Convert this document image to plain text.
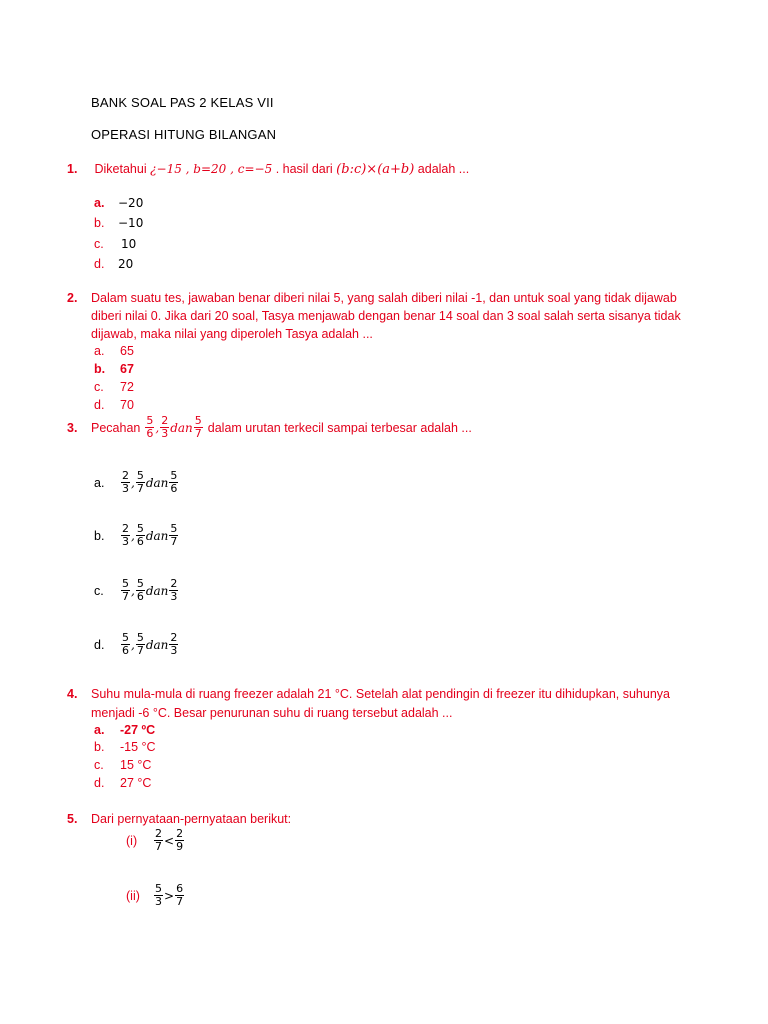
BANK SOAL PAS 2 KELAS VII
OPERASI HITUNG BILANGAN
1. Diketahui ¿−15 , b=20 , c=−5 . hasil dari (b:c)×(a+b) adalah ...
a.	−20
b.	−10
c.	10
d.	20
2. Dalam suatu tes, jawaban benar diberi nilai 5, yang salah diberi nilai -1, dan untuk soal yang tidak dijawab
diberi nilai 0. Jika dari 20 soal, Tasya menjawab dengan benar 14 soal dan 3 soal salah serta sisanya tidak
dijawab, maka nilai yang diperoleh Tasya adalah ...
a. 65
b. 67
c. 72
d. 70
3.	Pecahan $\frac{5}{6}$ , $\frac{2}{3}$ dan $\frac{5}{7}$ dalam urutan terkecil sampai terbesar adalah ...
a.	$\frac{2}{3}$ , $\frac{5}{7}$ dan $\frac{5}{6}$
b.	$\frac{2}{3}$ , $\frac{5}{6}$ dan $\frac{5}{7}$
c.	$\frac{5}{7}$ , $\frac{5}{6}$ dan $\frac{2}{3}$
d.	$\frac{5}{6}$ , $\frac{5}{7}$ dan $\frac{2}{3}$
4. Suhu mula-mula di ruang freezer adalah 21 °C. Setelah alat pendingin di freezer itu dihidupkan, suhunya
menjadi -6 °C. Besar penurunan suhu di ruang tersebut adalah ...
a. -27 ºC
b. -15 °C
c. 15 °C
d. 27 °C
5. Dari pernyataan-pernyataan berikut:
(i)	$\frac{2}{7} < \frac{2}{9}$
(ii)	$\frac{5}{3} > \frac{6}{7}$
